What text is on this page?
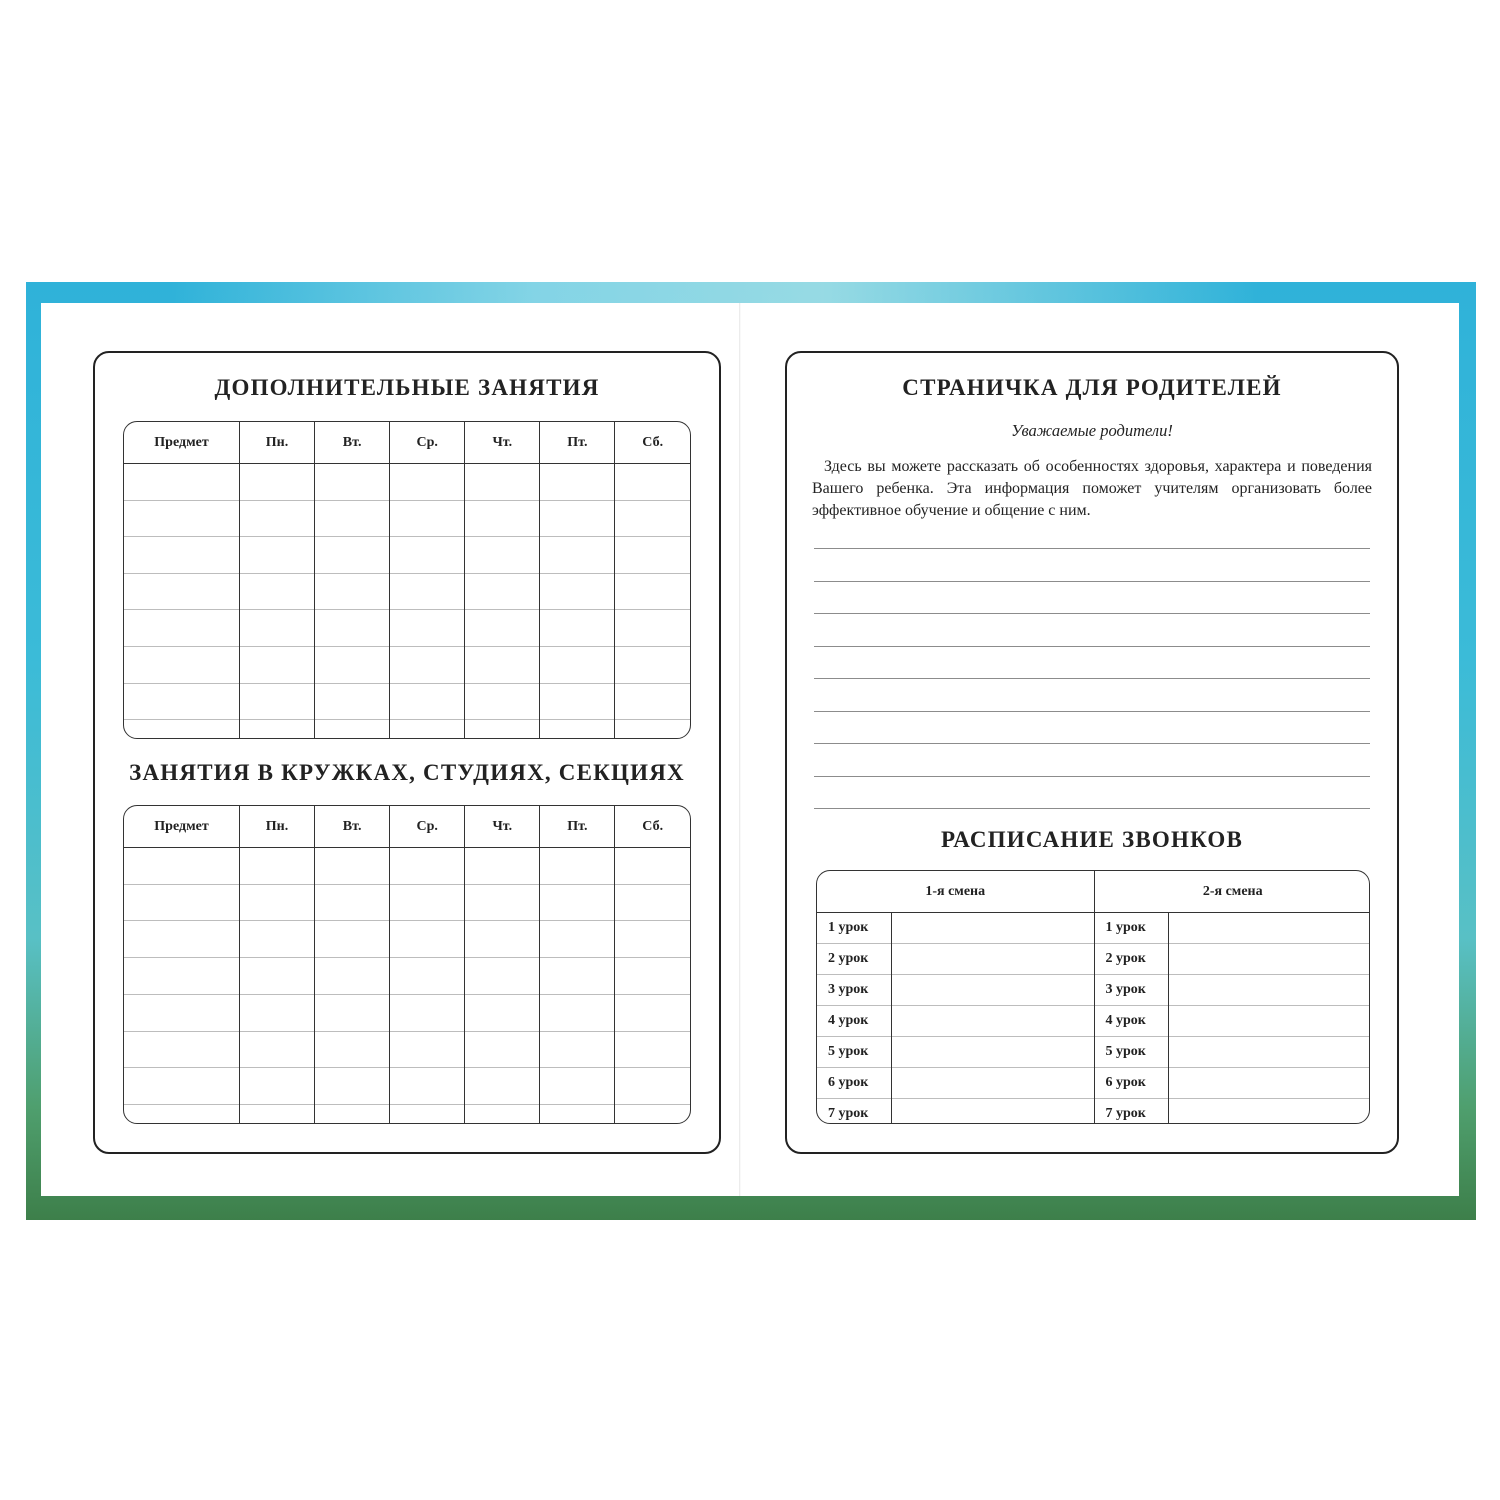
ДОПОЛНИТЕЛЬНЫЕ ЗАНЯТИЯ
Предмет	Пн.	Вт.	Ср.	Чт.	Пт.	Сб.

ЗАНЯТИЯ В КРУЖКАХ, СТУДИЯХ, СЕКЦИЯХ
Предмет	Пн.	Вт.	Ср.	Чт.	Пт.	Сб.

СТРАНИЧКА ДЛЯ РОДИТЕЛЕЙ
Уважаемые родители!
Здесь вы можете рассказать об особенностях здоровья, характера и поведения Вашего ребенка. Эта информация поможет учителям организовать более эффективное обучение и общение с ним.
РАСПИСАНИЕ ЗВОНКОВ
1-я смена		2-я смена	

1 урок		1 урок	
2 урок		2 урок	
3 урок		3 урок	
4 урок		4 урок	
5 урок		5 урок	
6 урок		6 урок	
7 урок		7 урок	
